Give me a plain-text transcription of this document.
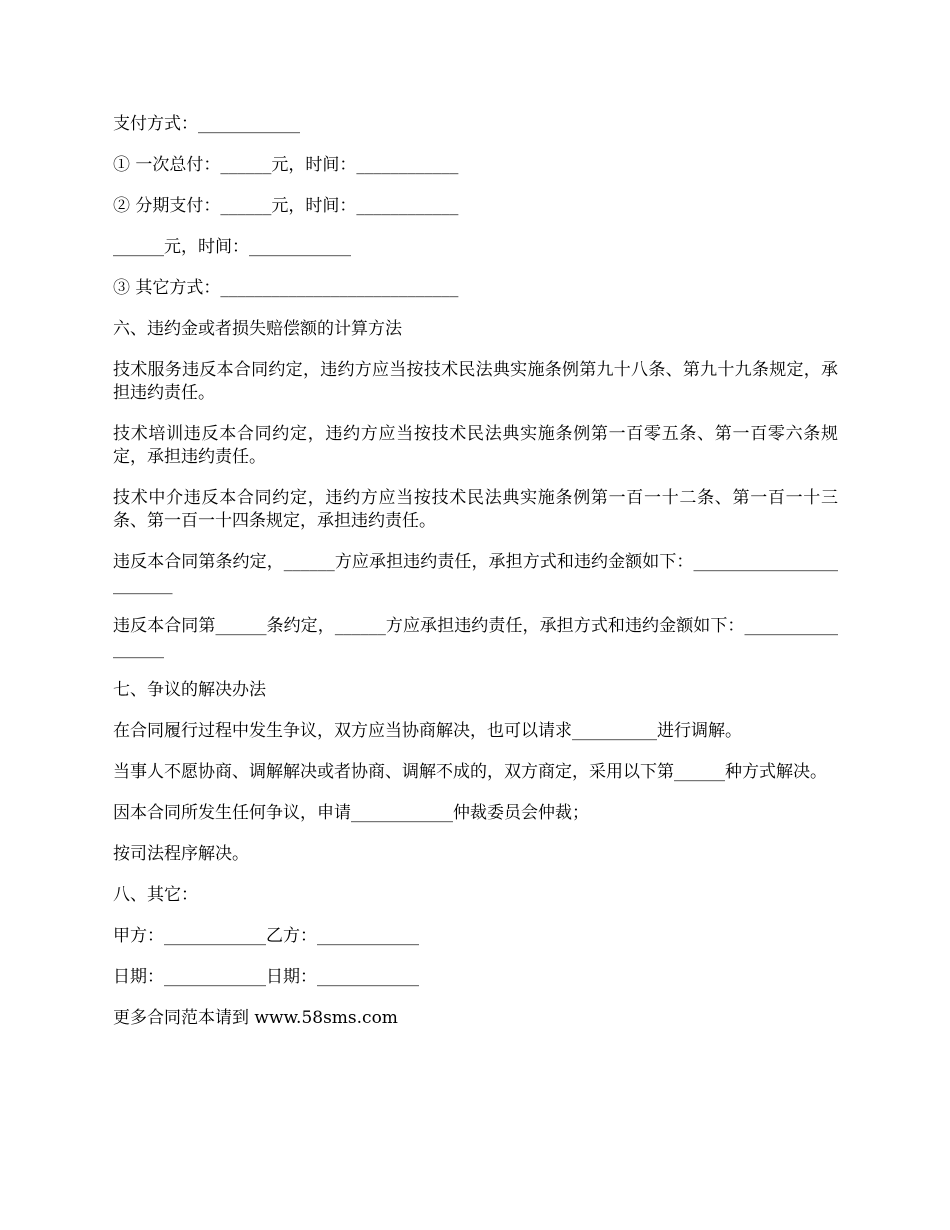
支付方式：____________

① 一次总付：______元，时间：____________

② 分期支付：______元，时间：____________

______元，时间：____________

③ 其它方式：____________________________

六、违约金或者损失赔偿额的计算方法

技术服务违反本合同约定，违约方应当按技术民法典实施条例第九十八条、第九十九条规定，承担违约责任。

技术培训违反本合同约定，违约方应当按技术民法典实施条例第一百零五条、第一百零六条规定，承担违约责任。

技术中介违反本合同约定，违约方应当按技术民法典实施条例第一百一十二条、第一百一十三条、第一百一十四条规定，承担违约责任。

违反本合同第条约定，______方应承担违约责任，承担方式和违约金额如下：________________________

违反本合同第______条约定，______方应承担违约责任，承担方式和违约金额如下：_________________

七、争议的解决办法

在合同履行过程中发生争议，双方应当协商解决，也可以请求__________进行调解。

当事人不愿协商、调解解决或者协商、调解不成的，双方商定，采用以下第______种方式解决。

因本合同所发生任何争议，申请____________仲裁委员会仲裁；

按司法程序解决。

八、其它：

甲方：____________乙方：____________

日期：____________日期：____________

更多合同范本请到 www.58sms.com
